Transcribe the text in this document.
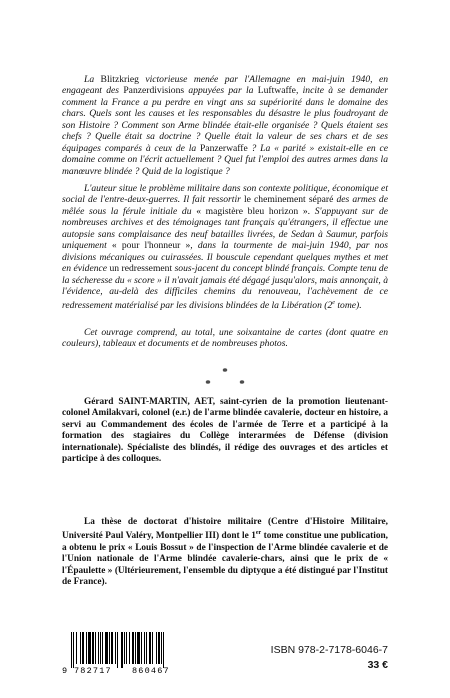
La Blitzkrieg victorieuse menée par l'Allemagne en mai-juin 1940, en engageant des Panzerdivisions appuyées par la Luftwaffe, incite à se demander comment la France a pu perdre en vingt ans sa supériorité dans le domaine des chars. Quels sont les causes et les responsables du désastre le plus foudroyant de son Histoire ? Comment son Arme blindée était-elle organisée ? Quels étaient ses chefs ? Quelle était sa doctrine ? Quelle était la valeur de ses chars et de ses équipages comparés à ceux de la Panzerwaffe ? La « parité » existait-elle en ce domaine comme on l'écrit actuellement ? Quel fut l'emploi des autres armes dans la manœuvre blindée ? Quid de la logistique ?

L'auteur situe le problème militaire dans son contexte politique, économique et social de l'entre-deux-guerres. Il fait ressortir le cheminement séparé des armes de mêlée sous la férule initiale du « magistère bleu horizon ». S'appuyant sur de nombreuses archives et des témoignages tant français qu'étrangers, il effectue une autopsie sans complaisance des neuf batailles livrées, de Sedan à Saumur, parfois uniquement « pour l'honneur », dans la tourmente de mai-juin 1940, par nos divisions mécaniques ou cuirassées. Il bouscule cependant quelques mythes et met en évidence un redressement sous-jacent du concept blindé français. Compte tenu de la sécheresse du « score » il n'avait jamais été dégagé jusqu'alors, mais annonçait, à l'évidence, au-delà des difficiles chemins du renouveau, l'achèvement de ce redressement matérialisé par les divisions blindées de la Libération (2e tome).

Cet ouvrage comprend, au total, une soixantaine de cartes (dont quatre en couleurs), tableaux et documents et de nombreuses photos.

*
*	*

Gérard SAINT-MARTIN, AET, saint-cyrien de la promotion lieutenant-colonel Amilakvari, colonel (e.r.) de l'arme blindée cavalerie, docteur en histoire, a servi au Commandement des écoles de l'armée de Terre et a participé à la formation des stagiaires du Collège interarmées de Défense (division internationale). Spécialiste des blindés, il rédige des ouvrages et des articles et participe à des colloques.

La thèse de doctorat d'histoire militaire (Centre d'Histoire Militaire, Université Paul Valéry, Montpellier III) dont le 1er tome constitue une publication, a obtenu le prix « Louis Bossut » de l'inspection de l'Arme blindée cavalerie et de l'Union nationale de l'Arme blindée cavalerie-chars, ainsi que le prix de « l'Épaulette » (Ultérieurement, l'ensemble du diptyque a été distingué par l'Institut de France).

9 782717 860467
ISBN 978-2-7178-6046-7
33 €
